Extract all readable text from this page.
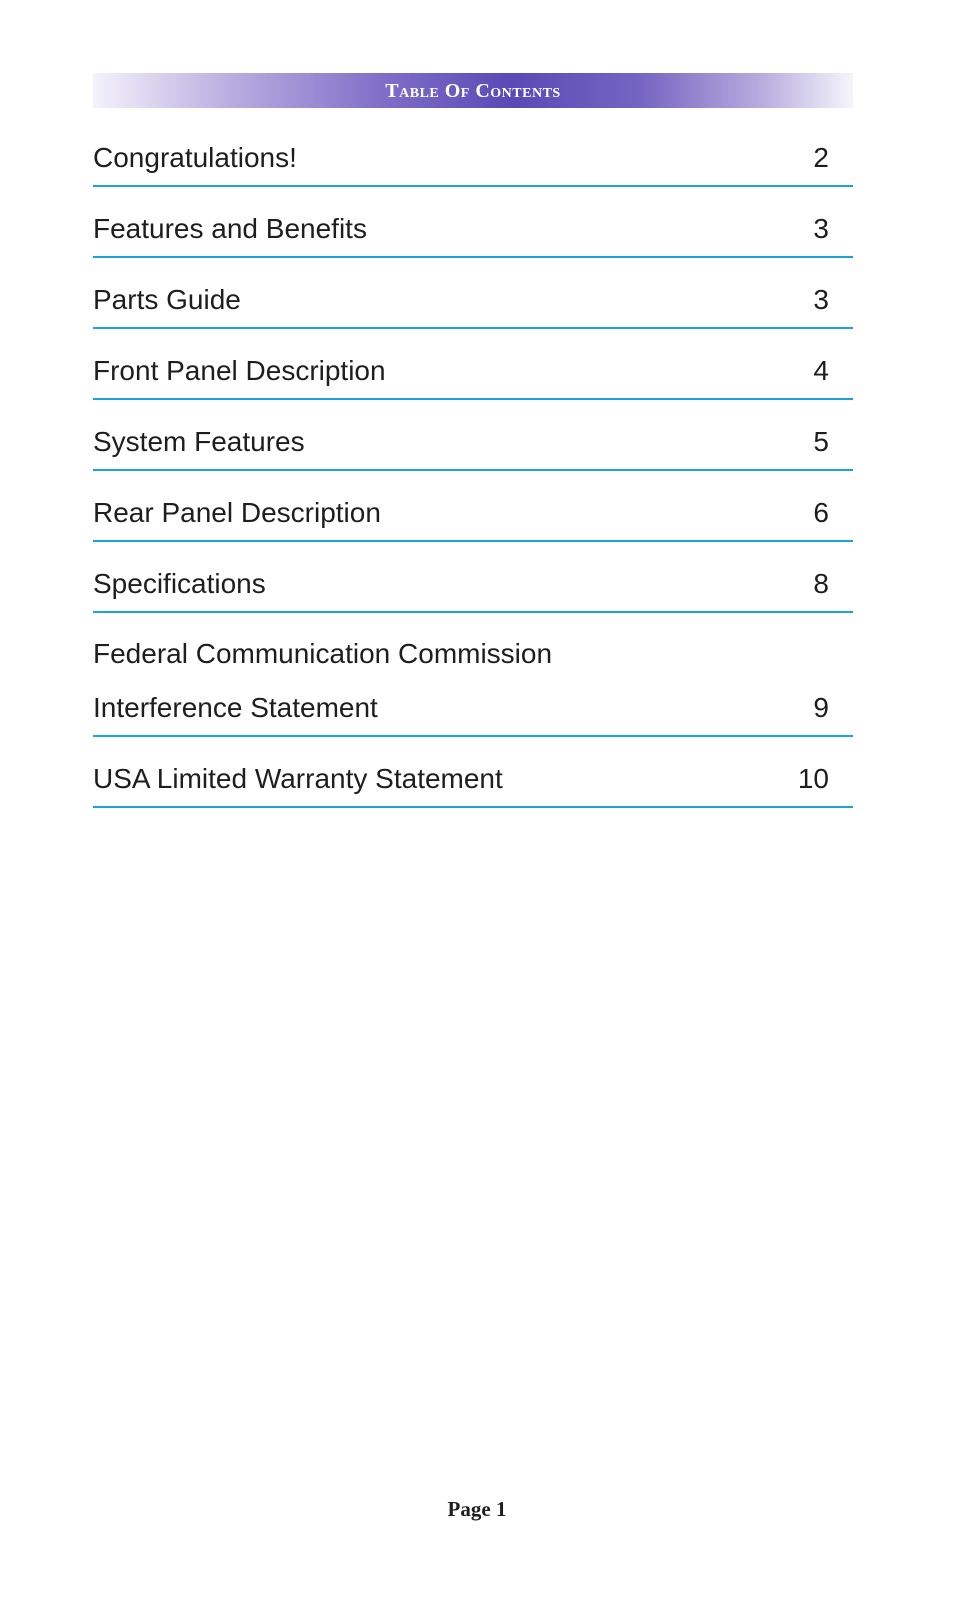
Table Of Contents
Congratulations!	2
Features and Benefits	3
Parts Guide	3
Front Panel Description	4
System Features	5
Rear Panel Description	6
Specifications	8
Federal Communication Commission
Interference Statement	9
USA Limited Warranty Statement	10
Page 1
